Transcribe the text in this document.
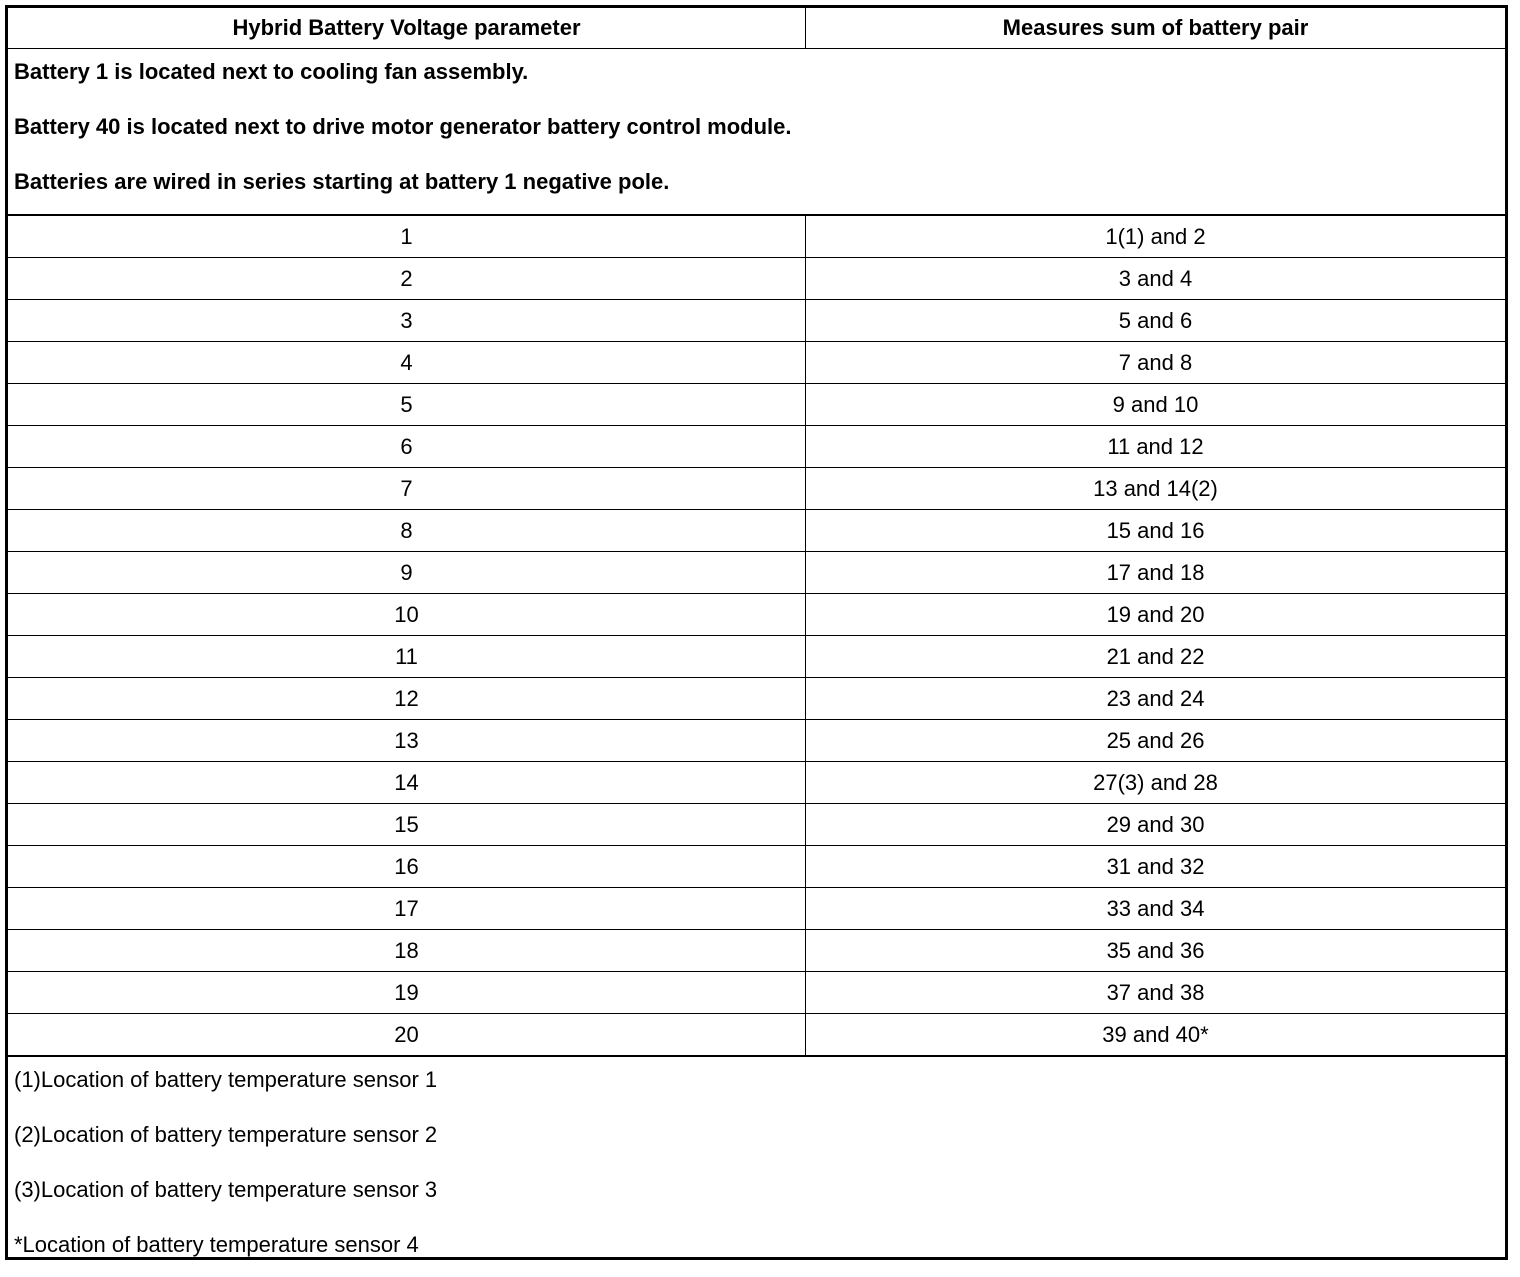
Hybrid Battery Voltage parameter	Measures sum of battery pair

Battery 1 is located next to cooling fan assembly.
Battery 40 is located next to drive motor generator battery control module.
Batteries are wired in series starting at battery 1 negative pole.	

1	1(1) and 2
2	3 and 4
3	5 and 6
4	7 and 8
5	9 and 10
6	11 and 12
7	13 and 14(2)
8	15 and 16
9	17 and 18
10	19 and 20
11	21 and 22
12	23 and 24
13	25 and 26
14	27(3) and 28
15	29 and 30
16	31 and 32
17	33 and 34
18	35 and 36
19	37 and 38
20	39 and 40*

(1)Location of battery temperature sensor 1
(2)Location of battery temperature sensor 2
(3)Location of battery temperature sensor 3
*Location of battery temperature sensor 4	
